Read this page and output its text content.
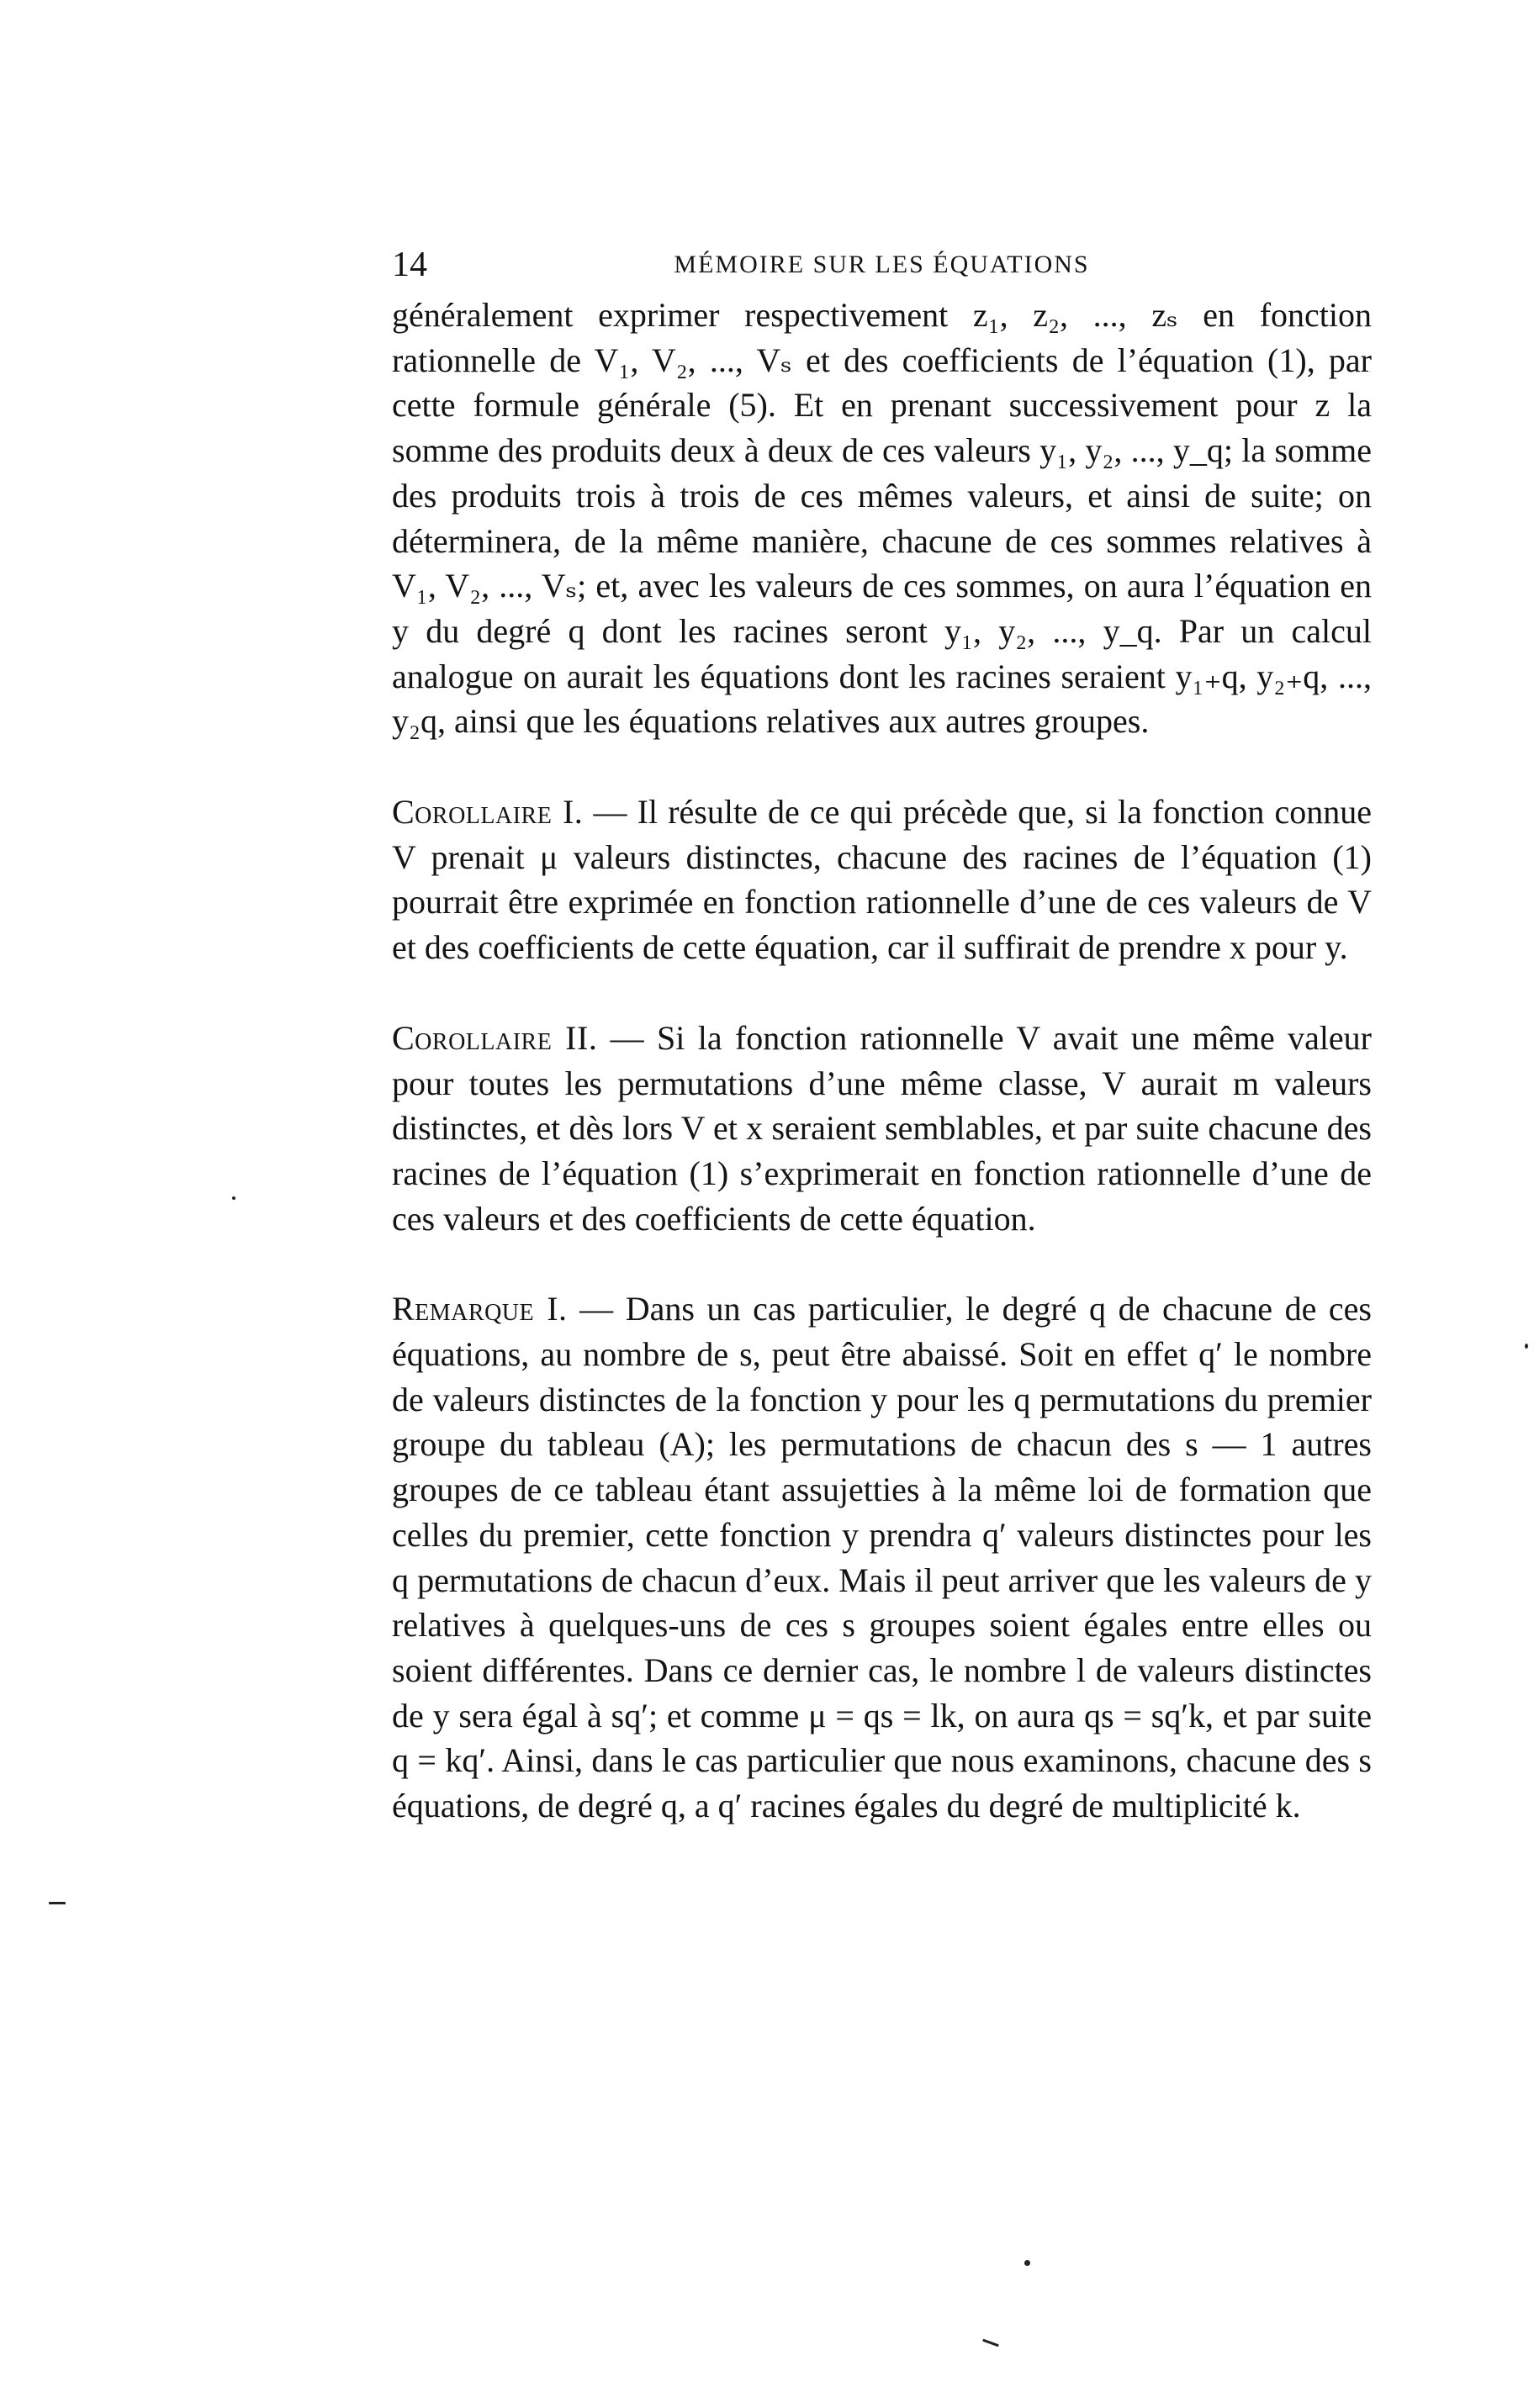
14	MÉMOIRE SUR LES ÉQUATIONS

généralement exprimer respectivement z₁, z₂, ..., zₛ en fonction rationnelle de V₁, V₂, ..., Vₛ et des coefficients de l’équation (1), par cette formule générale (5). Et en prenant successivement pour z la somme des produits deux à deux de ces valeurs y₁, y₂, ..., y_q; la somme des produits trois à trois de ces mêmes valeurs, et ainsi de suite; on déterminera, de la même manière, chacune de ces sommes relatives à V₁, V₂, ..., Vₛ; et, avec les valeurs de ces sommes, on aura l’équation en y du degré q dont les racines seront y₁, y₂, ..., y_q. Par un calcul analogue on aurait les équations dont les racines seraient y₁₊q, y₂₊q, ..., y₂q, ainsi que les équations relatives aux autres groupes.

Corollaire I. — Il résulte de ce qui précède que, si la fonction connue V prenait μ valeurs distinctes, chacune des racines de l’équation (1) pourrait être exprimée en fonction rationnelle d’une de ces valeurs de V et des coefficients de cette équation, car il suffirait de prendre x pour y.

Corollaire II. — Si la fonction rationnelle V avait une même valeur pour toutes les permutations d’une même classe, V aurait m valeurs distinctes, et dès lors V et x seraient semblables, et par suite chacune des racines de l’équation (1) s’exprimerait en fonction rationnelle d’une de ces valeurs et des coefficients de cette équation.

Remarque I. — Dans un cas particulier, le degré q de chacune de ces équations, au nombre de s, peut être abaissé. Soit en effet q′ le nombre de valeurs distinctes de la fonction y pour les q permutations du premier groupe du tableau (A); les permutations de chacun des s — 1 autres groupes de ce tableau étant assujetties à la même loi de formation que celles du premier, cette fonction y prendra q′ valeurs distinctes pour les q permutations de chacun d’eux. Mais il peut arriver que les valeurs de y relatives à quelques-uns de ces s groupes soient égales entre elles ou soient différentes. Dans ce dernier cas, le nombre l de valeurs distinctes de y sera égal à sq′; et comme μ = qs = lk, on aura qs = sq′k, et par suite q = kq′. Ainsi, dans le cas particulier que nous examinons, chacune des s équations, de degré q, a q′ racines égales du degré de multiplicité k.
